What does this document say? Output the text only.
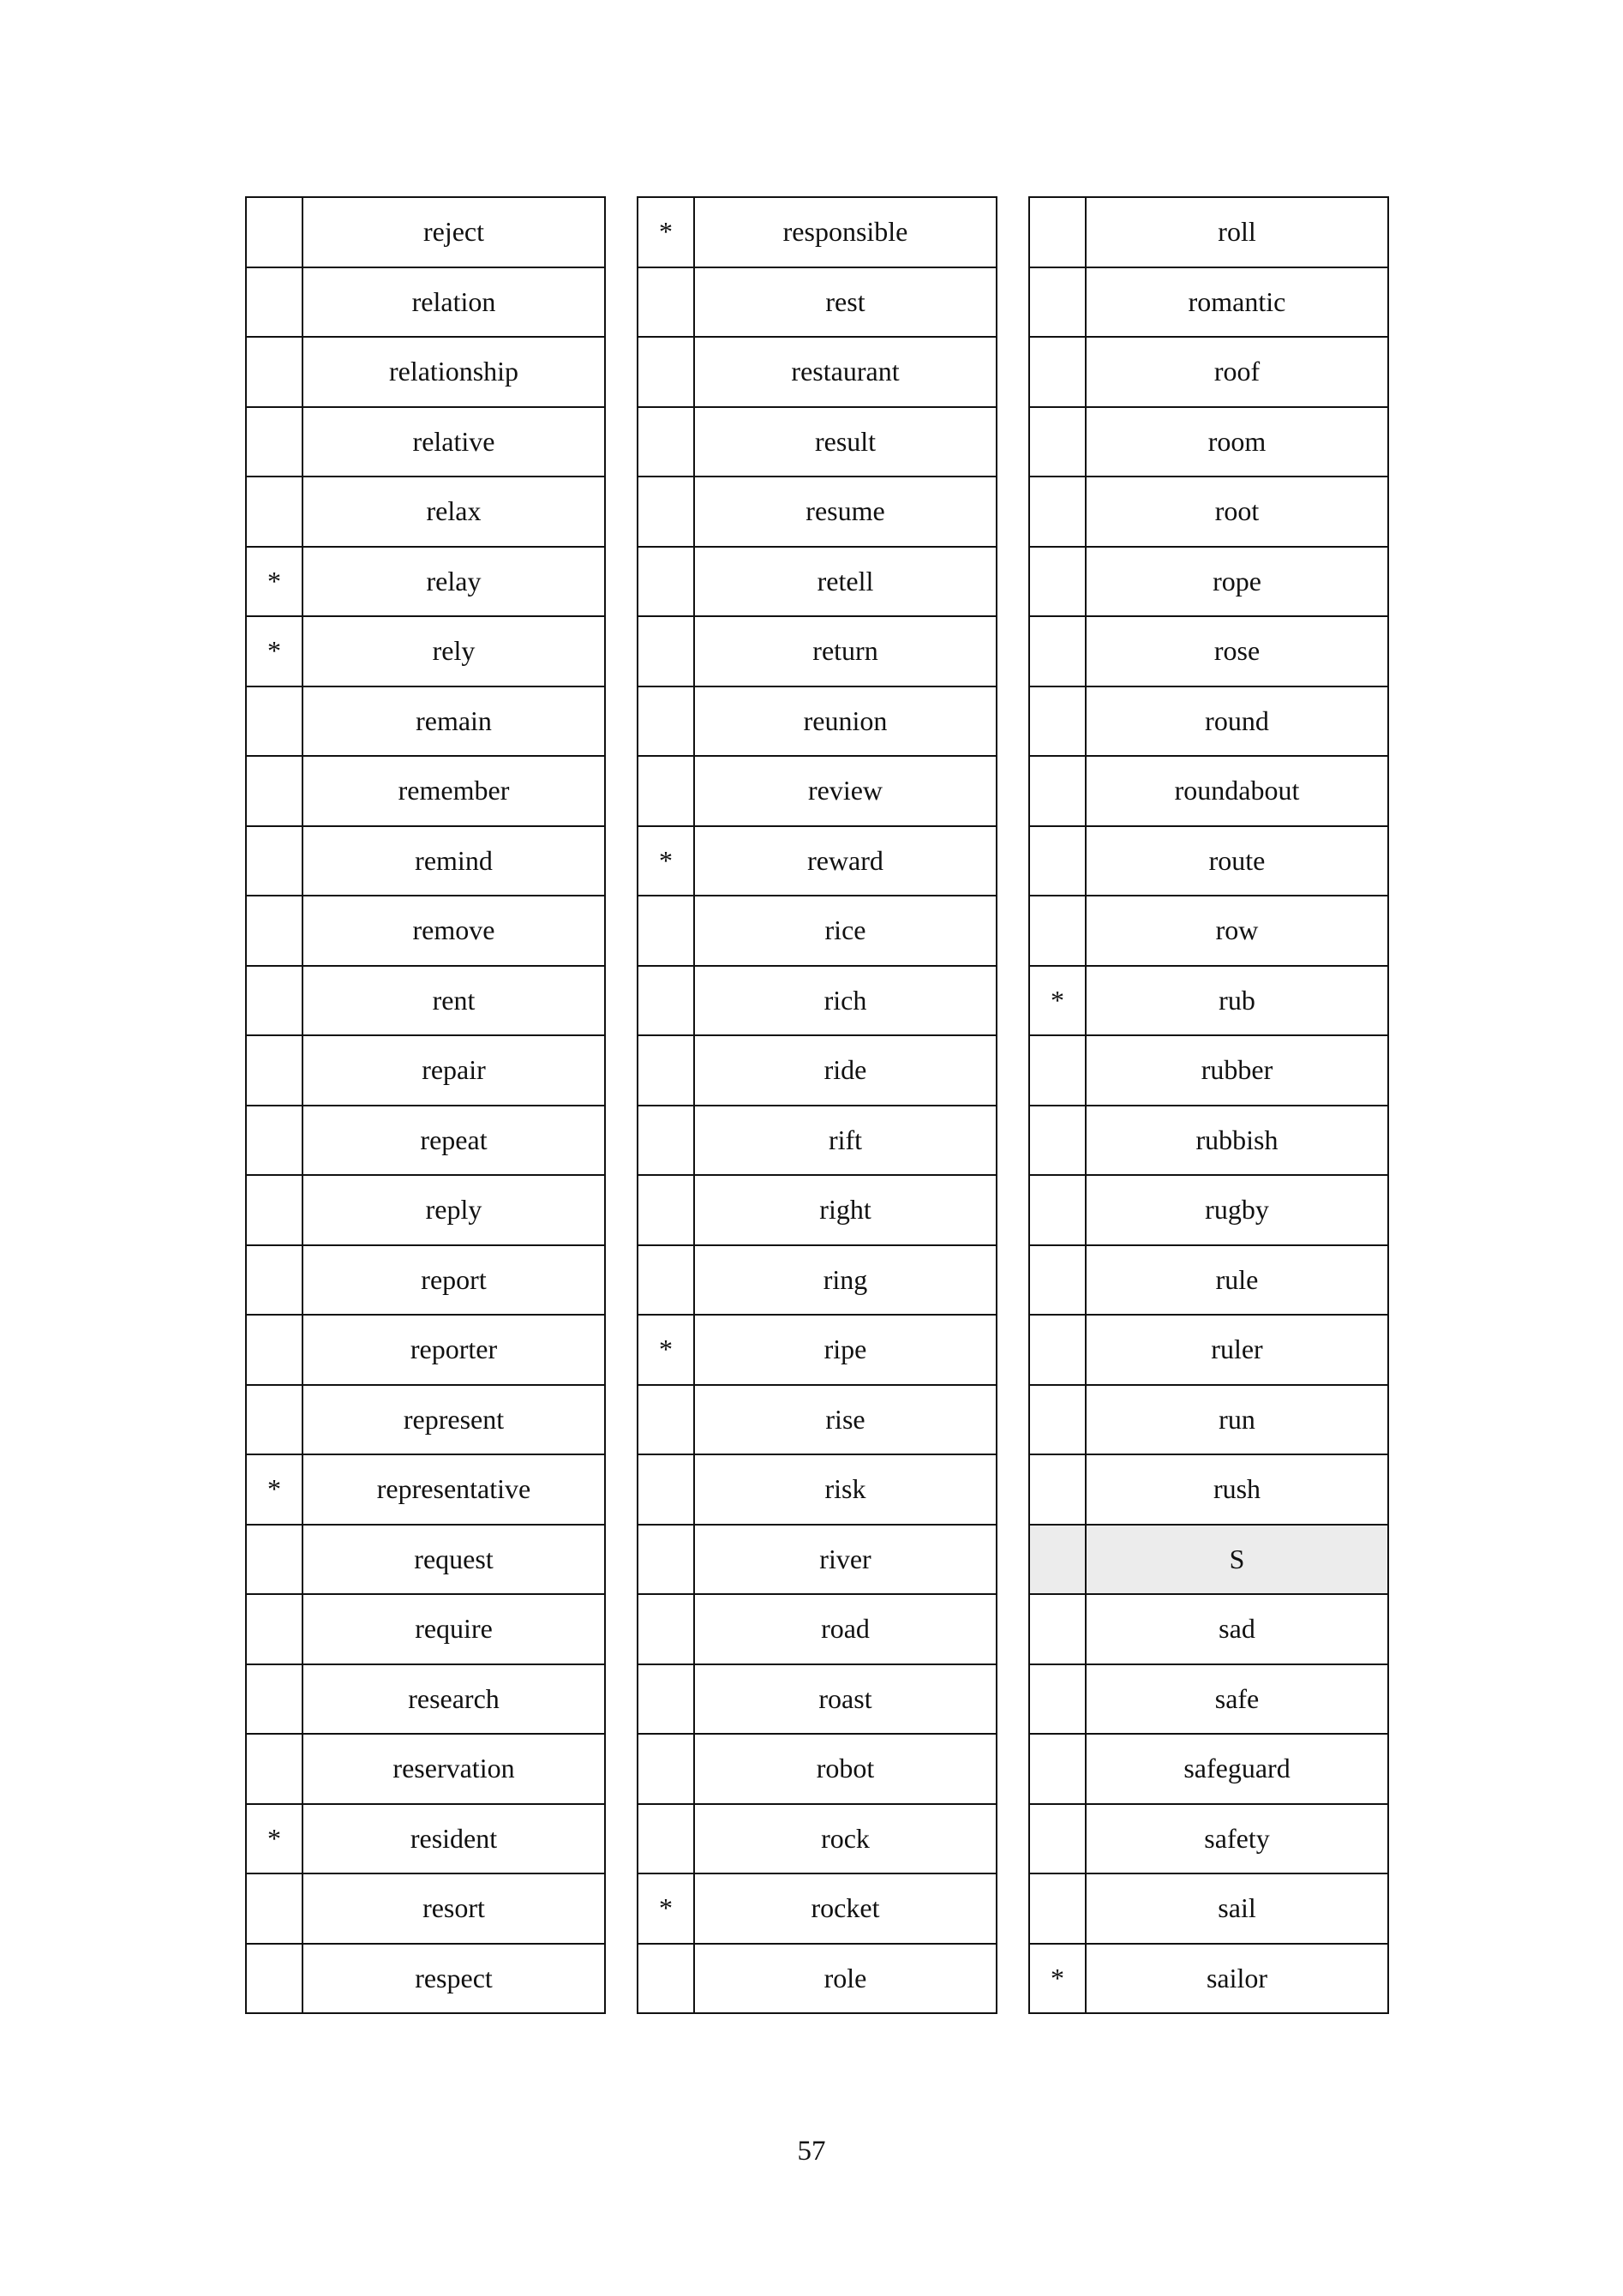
	reject
	relation
	relationship
	relative
	relax
*	relay
*	rely
	remain
	remember
	remind
	remove
	rent
	repair
	repeat
	reply
	report
	reporter
	represent
*	representative
	request
	require
	research
	reservation
*	resident
	resort
	respect
*	responsible
	rest
	restaurant
	result
	resume
	retell
	return
	reunion
	review
*	reward
	rice
	rich
	ride
	rift
	right
	ring
*	ripe
	rise
	risk
	river
	road
	roast
	robot
	rock
*	rocket
	role
	roll
	romantic
	roof
	room
	root
	rope
	rose
	round
	roundabout
	route
	row
*	rub
	rubber
	rubbish
	rugby
	rule
	ruler
	run
	rush
	S
	sad
	safe
	safeguard
	safety
	sail
*	sailor
57
